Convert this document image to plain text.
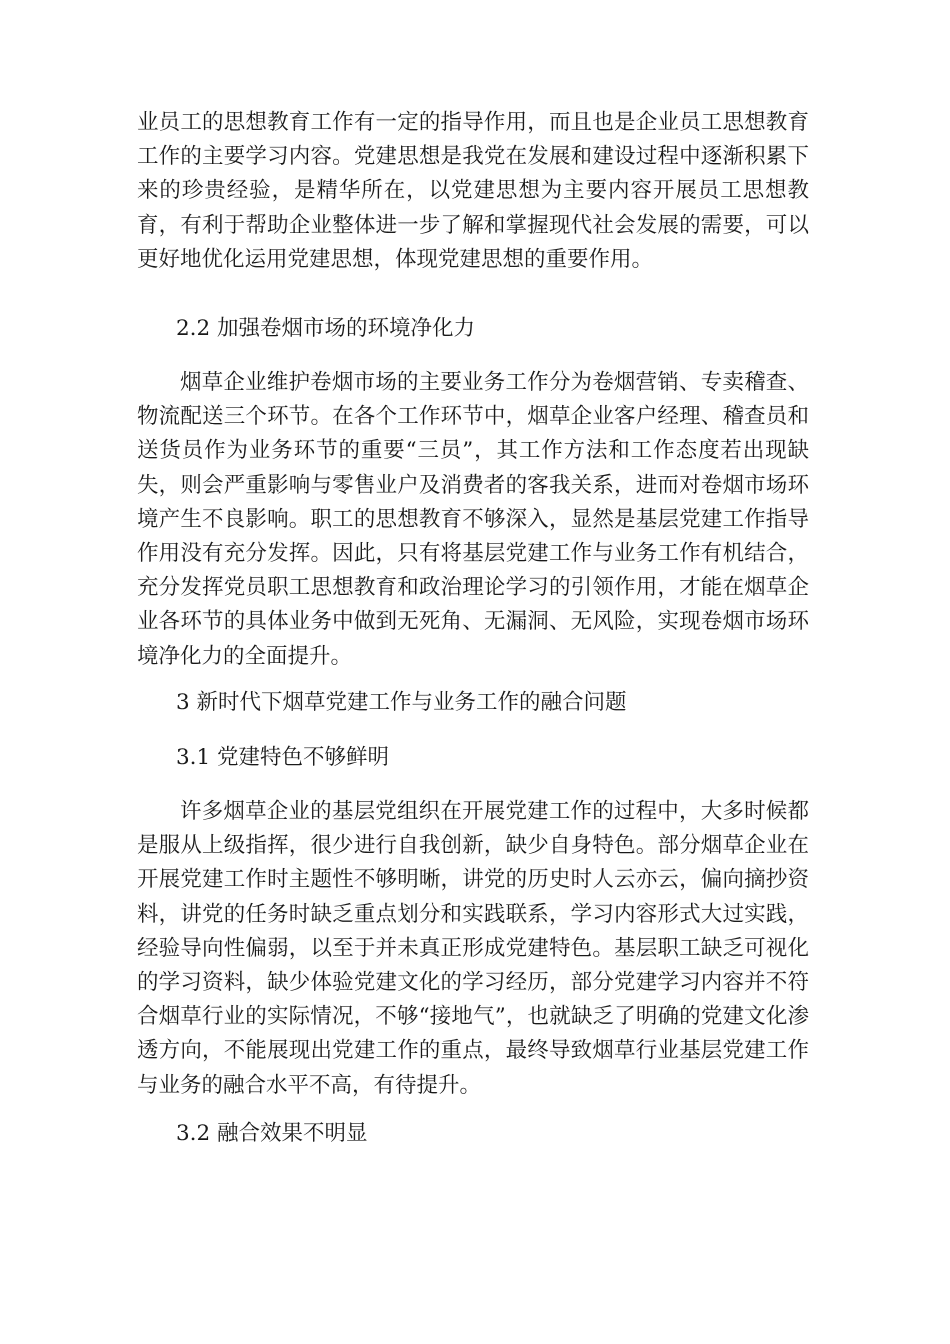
业员工的思想教育工作有一定的指导作用，而且也是企业员工思想教育工作的主要学习内容。党建思想是我党在发展和建设过程中逐渐积累下来的珍贵经验，是精华所在，以党建思想为主要内容开展员工思想教育，有利于帮助企业整体进一步了解和掌握现代社会发展的需要，可以更好地优化运用党建思想，体现党建思想的重要作用。

2.2 加强卷烟市场的环境净化力

烟草企业维护卷烟市场的主要业务工作分为卷烟营销、专卖稽查、物流配送三个环节。在各个工作环节中，烟草企业客户经理、稽查员和送货员作为业务环节的重要“三员”，其工作方法和工作态度若出现缺失，则会严重影响与零售业户及消费者的客我关系，进而对卷烟市场环境产生不良影响。职工的思想教育不够深入，显然是基层党建工作指导作用没有充分发挥。因此，只有将基层党建工作与业务工作有机结合，充分发挥党员职工思想教育和政治理论学习的引领作用，才能在烟草企业各环节的具体业务中做到无死角、无漏洞、无风险，实现卷烟市场环境净化力的全面提升。

3 新时代下烟草党建工作与业务工作的融合问题

3.1 党建特色不够鲜明

许多烟草企业的基层党组织在开展党建工作的过程中，大多时候都是服从上级指挥，很少进行自我创新，缺少自身特色。部分烟草企业在开展党建工作时主题性不够明晰，讲党的历史时人云亦云，偏向摘抄资料，讲党的任务时缺乏重点划分和实践联系，学习内容形式大过实践，经验导向性偏弱，以至于并未真正形成党建特色。基层职工缺乏可视化的学习资料，缺少体验党建文化的学习经历，部分党建学习内容并不符合烟草行业的实际情况，不够“接地气”，也就缺乏了明确的党建文化渗透方向，不能展现出党建工作的重点，最终导致烟草行业基层党建工作与业务的融合水平不高，有待提升。

3.2 融合效果不明显
